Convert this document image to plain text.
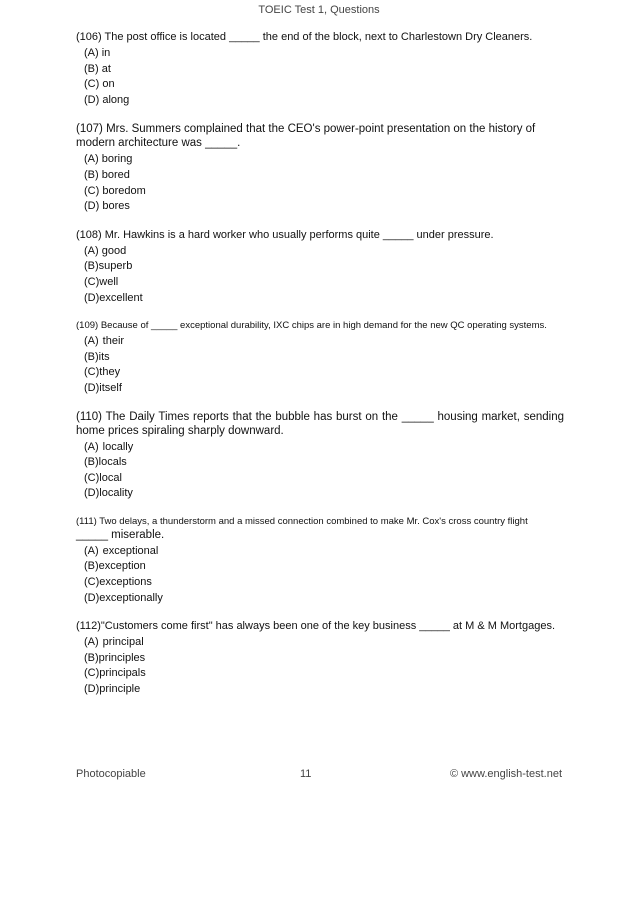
TOEIC Test 1, Questions
(106) The post office is located _____ the end of the block, next to Charlestown Dry Cleaners.
(A) in
(B) at
(C) on
(D) along
(107) Mrs. Summers complained that the CEO's power-point presentation on the history of modern architecture was _____.
(A) boring
(B) bored
(C) boredom
(D) bores
(108) Mr. Hawkins is a hard worker who usually performs quite _____ under pressure.
(A) good
(B)superb
(C)well
(D)excellent
(109) Because of _____ exceptional durability, IXC chips are in high demand for the new QC operating systems.
(A) their
(B)its
(C)they
(D)itself
(110) The Daily Times reports that the bubble has burst on the _____ housing market, sending home prices spiraling sharply downward.
(A) locally
(B)locals
(C)local
(D)locality
(111) Two delays, a thunderstorm and a missed connection combined to make Mr. Cox's cross country flight
_____ miserable.
(A) exceptional
(B)exception
(C)exceptions
(D)exceptionally
(112)"Customers come first" has always been one of the key business _____ at M & M Mortgages.
(A) principal
(B)principles
(C)principals
(D)principle
Photocopiable	11	© www.english-test.net
